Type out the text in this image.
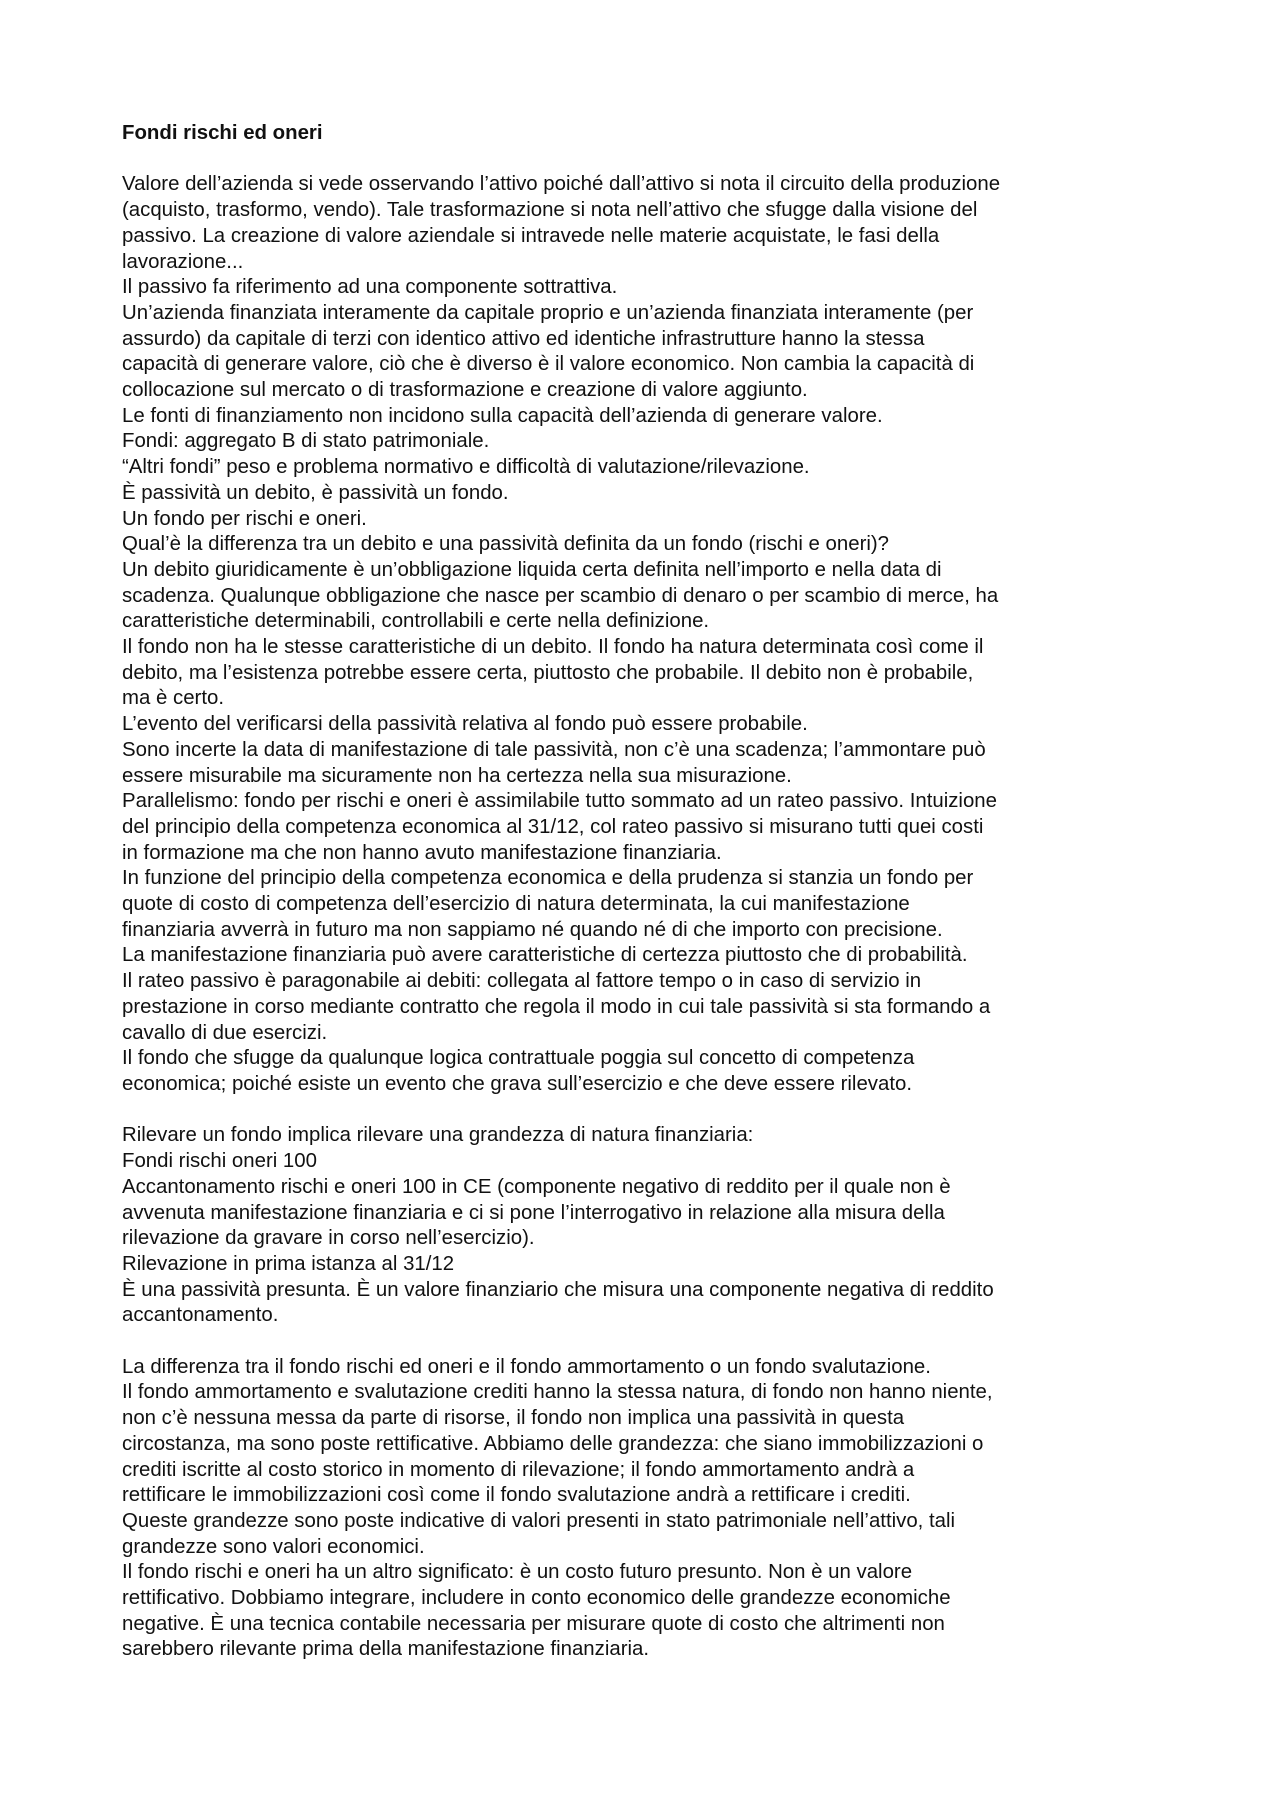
Fondi rischi ed oneri
Valore dell’azienda si vede osservando l’attivo poiché dall’attivo si nota il circuito della produzione
(acquisto, trasformo, vendo). Tale trasformazione si nota nell’attivo che sfugge dalla visione del
passivo. La creazione di valore aziendale si intravede nelle materie acquistate, le fasi della
lavorazione...
Il passivo fa riferimento ad una componente sottrattiva.
Un’azienda finanziata interamente da capitale proprio e un’azienda finanziata interamente (per
assurdo) da capitale di terzi con identico attivo ed identiche infrastrutture hanno la stessa
capacità di generare valore, ciò che è diverso è il valore economico. Non cambia la capacità di
collocazione sul mercato o di trasformazione e creazione di valore aggiunto.
Le fonti di finanziamento non incidono sulla capacità dell’azienda di generare valore.
Fondi: aggregato B di stato patrimoniale.
“Altri fondi” peso e problema normativo e difficoltà di valutazione/rilevazione.
È passività un debito, è passività un fondo.
Un fondo per rischi e oneri.
Qual’è la differenza tra un debito e una passività definita da un fondo (rischi e oneri)?
Un debito giuridicamente è un’obbligazione liquida certa definita nell’importo e nella data di
scadenza. Qualunque obbligazione che nasce per scambio di denaro o per scambio di merce, ha
caratteristiche determinabili, controllabili e certe nella definizione.
Il fondo non ha le stesse caratteristiche di un debito. Il fondo ha natura determinata così come il
debito, ma l’esistenza potrebbe essere certa, piuttosto che probabile. Il debito non è probabile,
ma è certo.
L’evento del verificarsi della passività relativa al fondo può essere probabile.
Sono incerte la data di manifestazione di tale passività, non c’è una scadenza; l’ammontare può
essere misurabile ma sicuramente non ha certezza nella sua misurazione.
Parallelismo: fondo per rischi e oneri è assimilabile tutto sommato ad un rateo passivo. Intuizione
del principio della competenza economica al 31/12, col rateo passivo si misurano tutti quei costi
in formazione ma che non hanno avuto manifestazione finanziaria.
In funzione del principio della competenza economica e della prudenza si stanzia un fondo per
quote di costo di competenza dell’esercizio di natura determinata, la cui manifestazione
finanziaria avverrà in futuro ma non sappiamo né quando né di che importo con precisione.
La manifestazione finanziaria può avere caratteristiche di certezza piuttosto che di probabilità.
Il rateo passivo è paragonabile ai debiti: collegata al fattore tempo o in caso di servizio in
prestazione in corso mediante contratto che regola il modo in cui tale passività si sta formando a
cavallo di due esercizi.
Il fondo che sfugge da qualunque logica contrattuale poggia sul concetto di competenza
economica; poiché esiste un evento che grava sull’esercizio e che deve essere rilevato.
Rilevare un fondo implica rilevare una grandezza di natura finanziaria:
Fondi rischi oneri 100
Accantonamento rischi e oneri 100 in CE (componente negativo di reddito per il quale non è
avvenuta manifestazione finanziaria e ci si pone l’interrogativo in relazione alla misura della
rilevazione da gravare in corso nell’esercizio).
Rilevazione in prima istanza al 31/12
È una passività presunta. È un valore finanziario che misura una componente negativa di reddito
accantonamento.
La differenza tra il fondo rischi ed oneri e il fondo ammortamento o un fondo svalutazione.
Il fondo ammortamento e svalutazione crediti hanno la stessa natura, di fondo non hanno niente,
non c’è nessuna messa da parte di risorse, il fondo non implica una passività in questa
circostanza, ma sono poste rettificative. Abbiamo delle grandezza: che siano immobilizzazioni o
crediti iscritte al costo storico in momento di rilevazione; il fondo ammortamento andrà a
rettificare le immobilizzazioni così come il fondo svalutazione andrà a rettificare i crediti.
Queste grandezze sono poste indicative di valori presenti in stato patrimoniale nell’attivo, tali
grandezze sono valori economici.
Il fondo rischi e oneri ha un altro significato: è un costo futuro presunto. Non è un valore
rettificativo. Dobbiamo integrare, includere in conto economico delle grandezze economiche
negative. È una tecnica contabile necessaria per misurare quote di costo che altrimenti non
sarebbero rilevante prima della manifestazione finanziaria.
